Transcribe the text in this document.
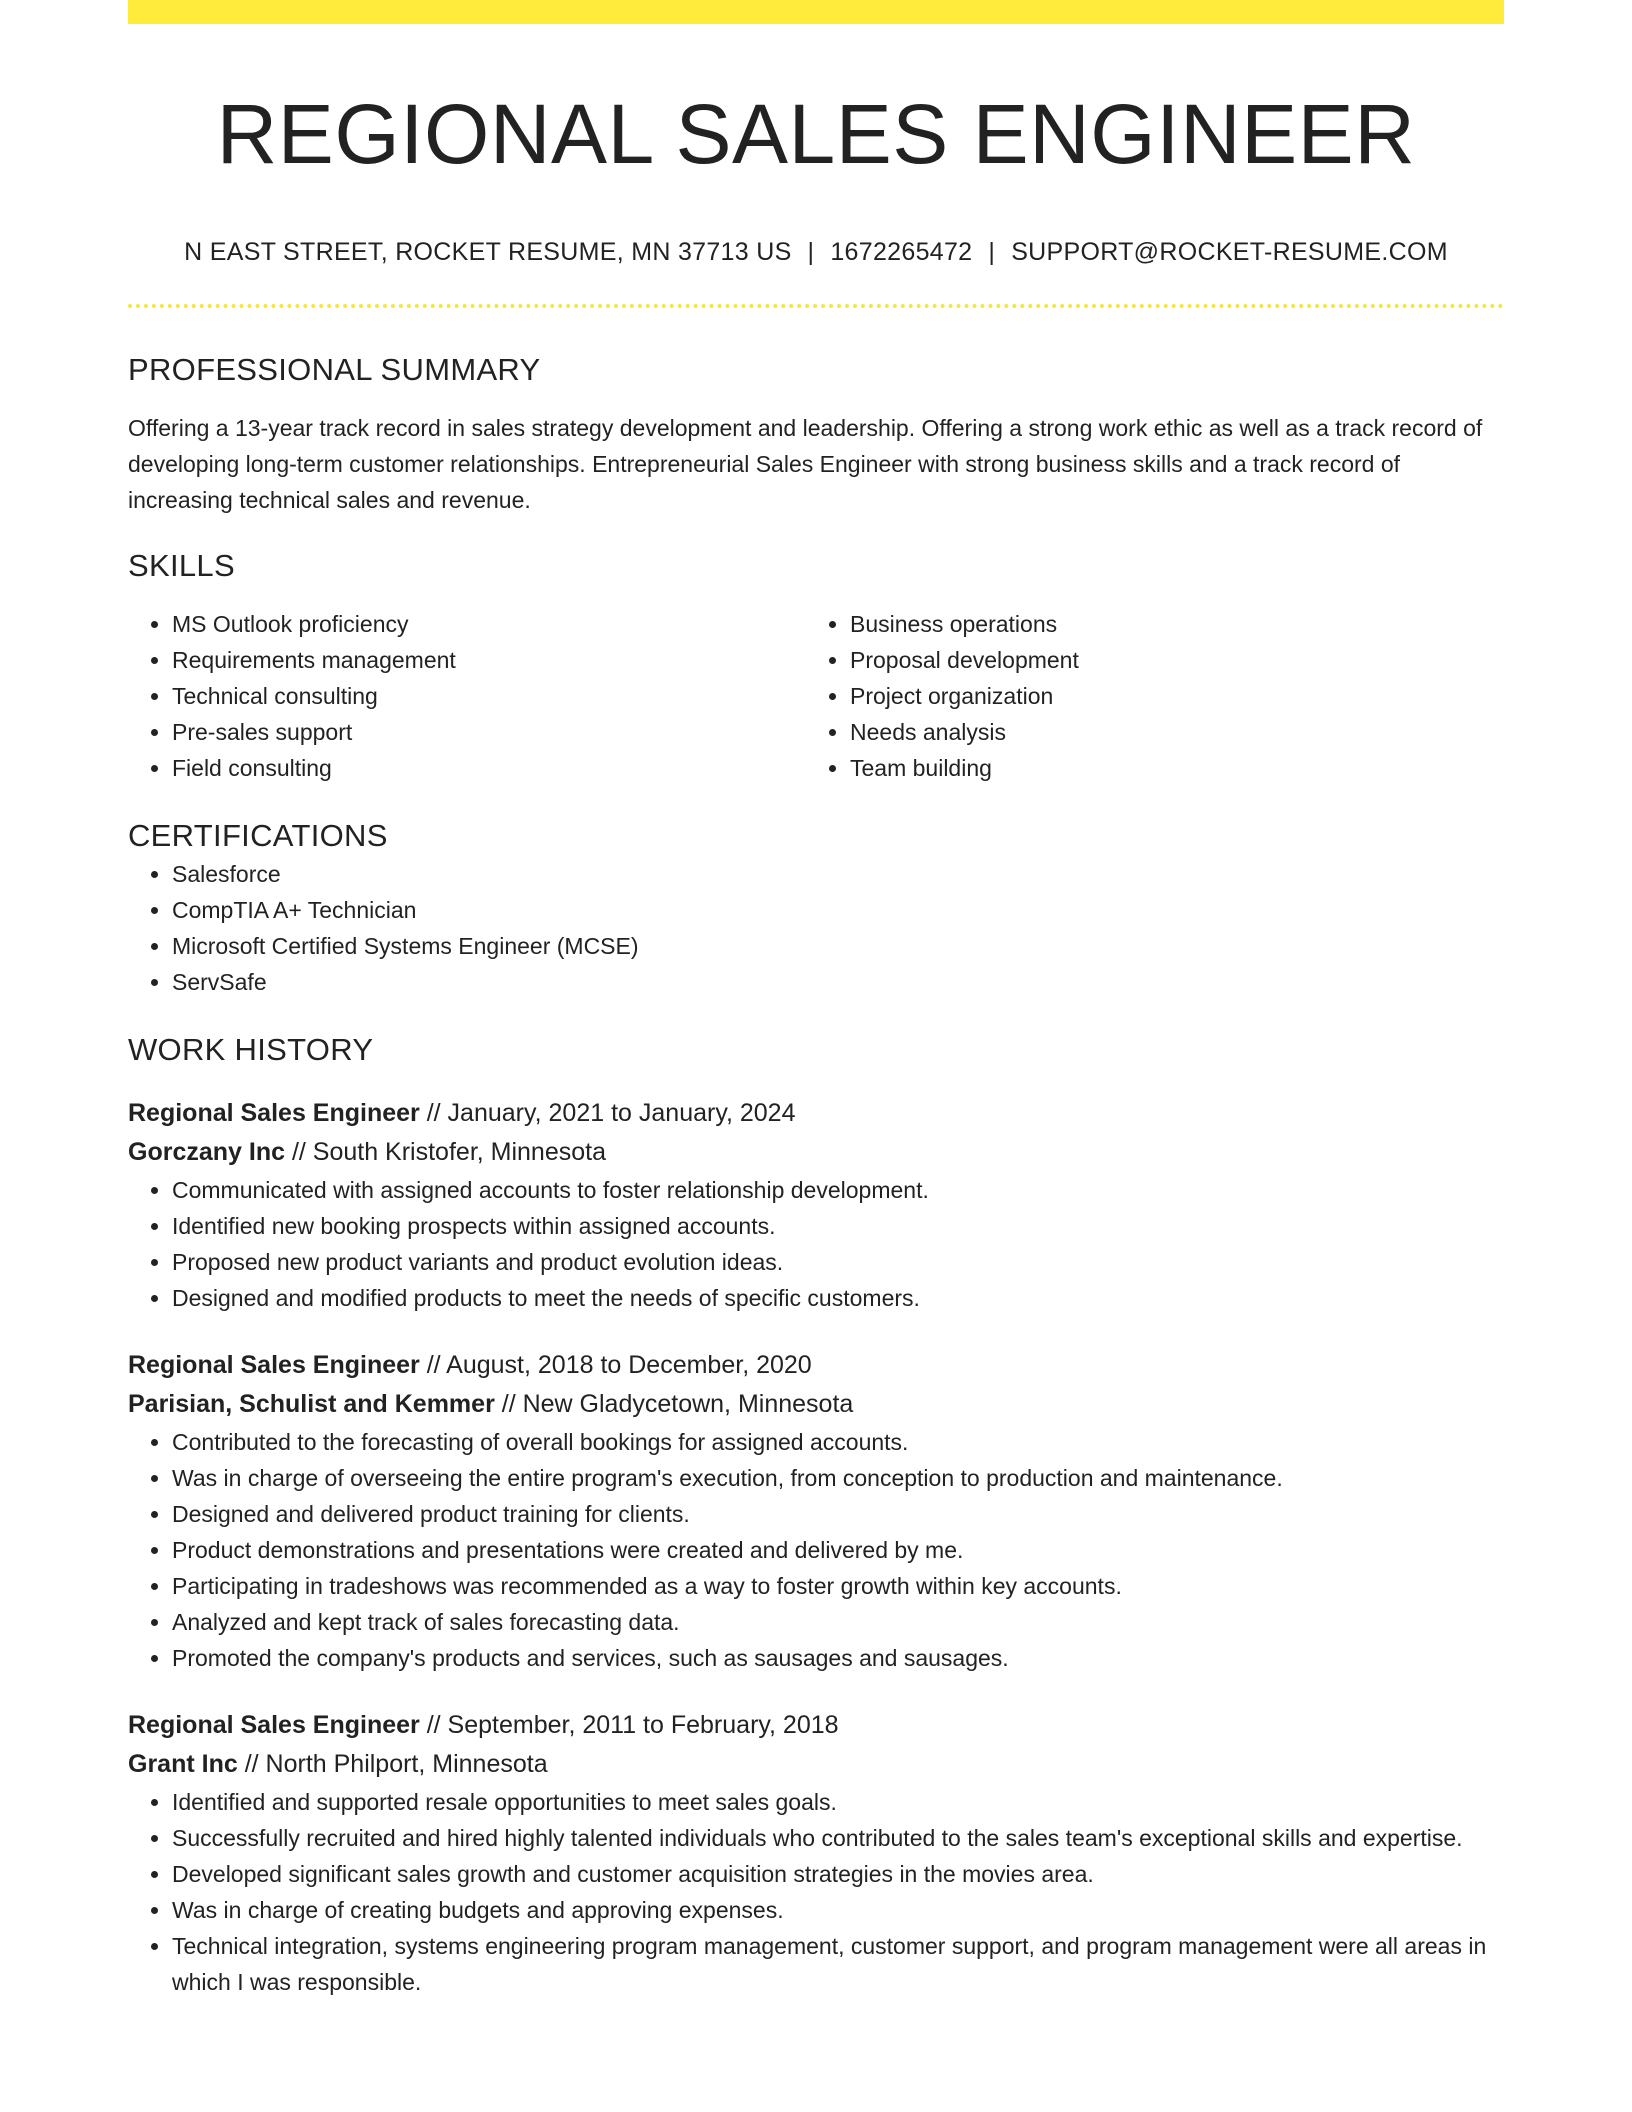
REGIONAL SALES ENGINEER
N EAST STREET, ROCKET RESUME, MN 37713 US | 1672265472 | SUPPORT@ROCKET-RESUME.COM
PROFESSIONAL SUMMARY
Offering a 13-year track record in sales strategy development and leadership. Offering a strong work ethic as well as a track record of developing long-term customer relationships. Entrepreneurial Sales Engineer with strong business skills and a track record of increasing technical sales and revenue.
SKILLS
• MS Outlook proficiency
• Requirements management
• Technical consulting
• Pre-sales support
• Field consulting
• Business operations
• Proposal development
• Project organization
• Needs analysis
• Team building
CERTIFICATIONS
• Salesforce
• CompTIA A+ Technician
• Microsoft Certified Systems Engineer (MCSE)
• ServSafe
WORK HISTORY
Regional Sales Engineer // January, 2021 to January, 2024
Gorczany Inc // South Kristofer, Minnesota
• Communicated with assigned accounts to foster relationship development.
• Identified new booking prospects within assigned accounts.
• Proposed new product variants and product evolution ideas.
• Designed and modified products to meet the needs of specific customers.
Regional Sales Engineer // August, 2018 to December, 2020
Parisian, Schulist and Kemmer // New Gladycetown, Minnesota
• Contributed to the forecasting of overall bookings for assigned accounts.
• Was in charge of overseeing the entire program's execution, from conception to production and maintenance.
• Designed and delivered product training for clients.
• Product demonstrations and presentations were created and delivered by me.
• Participating in tradeshows was recommended as a way to foster growth within key accounts.
• Analyzed and kept track of sales forecasting data.
• Promoted the company's products and services, such as sausages and sausages.
Regional Sales Engineer // September, 2011 to February, 2018
Grant Inc // North Philport, Minnesota
• Identified and supported resale opportunities to meet sales goals.
• Successfully recruited and hired highly talented individuals who contributed to the sales team's exceptional skills and expertise.
• Developed significant sales growth and customer acquisition strategies in the movies area.
• Was in charge of creating budgets and approving expenses.
• Technical integration, systems engineering program management, customer support, and program management were all areas in which I was responsible.
